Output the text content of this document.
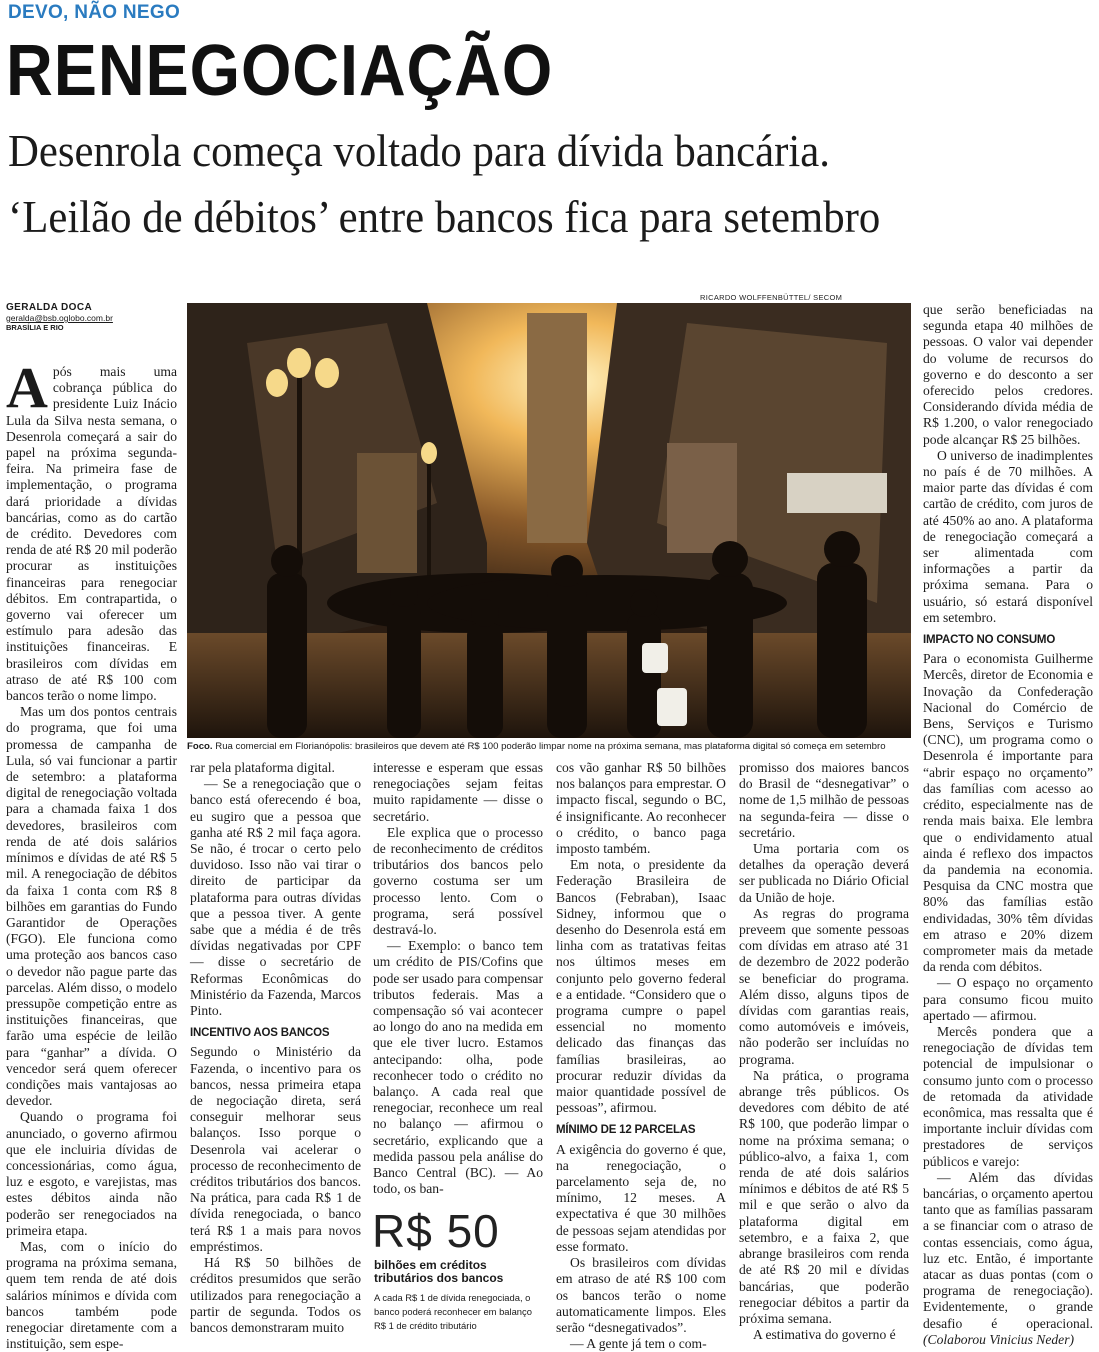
DEVO, NÃO NEGO
RENEGOCIAÇÃO
Desenrola começa voltado para dívida bancária.
‘Leilão de débitos’ entre bancos fica para setembro
GERALDA DOCA
geralda@bsb.oglobo.com.br
BRASÍLIA E RIO

Após mais uma cobrança pública do presidente Luiz Inácio Lula da Silva nesta semana, o Desenrola começará a sair do papel na próxima segunda-feira. Na primeira fase de implementação, o programa dará prioridade a dívidas bancárias, como as do cartão de crédito. Devedores com renda de até R$ 20 mil poderão procurar as instituições financeiras para renegociar débitos. Em contrapartida, o governo vai oferecer um estímulo para adesão das instituições financeiras. E brasileiros com dívidas em atraso de até R$ 100 com bancos terão o nome limpo.

Mas um dos pontos centrais do programa, que foi uma promessa de campanha de Lula, só vai funcionar a partir de setembro: a plataforma digital de renegociação voltada para a chamada faixa 1 dos devedores, brasileiros com renda de até dois salários mínimos e dívidas de até R$ 5 mil. A renegociação de débitos da faixa 1 conta com R$ 8 bilhões em garantias do Fundo Garantidor de Operações (FGO). Ele funciona como uma proteção aos bancos caso o devedor não pague parte das parcelas. Além disso, o modelo pressupõe competição entre as instituições financeiras, que farão uma espécie de leilão para “ganhar” a dívida. O vencedor será quem oferecer condições mais vantajosas ao devedor.

Quando o programa foi anunciado, o governo afirmou que ele incluiria dívidas de concessionárias, como água, luz e esgoto, e varejistas, mas estes débitos ainda não poderão ser renegociados na primeira etapa.

Mas, com o início do programa na próxima semana, quem tem renda de até dois salários mínimos e dívida com bancos também pode renegociar diretamente com a instituição, sem espe-

RICARDO WOLFFENBÜTTEL/ SECOM
Foco. Rua comercial em Florianópolis: brasileiros que devem até R$ 100 poderão limpar nome na próxima semana, mas plataforma digital só começa em setembro

rar pela plataforma digital.

— Se a renegociação que o banco está oferecendo é boa, eu sugiro que a pessoa que ganha até R$ 2 mil faça agora. Se não, é trocar o certo pelo duvidoso. Isso não vai tirar o direito de participar da plataforma para outras dívidas que a pessoa tiver. A gente sabe que a média é de três dívidas negativadas por CPF — disse o secretário de Reformas Econômicas do Ministério da Fazenda, Marcos Pinto.

INCENTIVO AOS BANCOS

Segundo o Ministério da Fazenda, o incentivo para os bancos, nessa primeira etapa de negociação direta, será conseguir melhorar seus balanços. Isso porque o Desenrola vai acelerar o processo de reconhecimento de créditos tributários dos bancos. Na prática, para cada R$ 1 de dívida renegociada, o banco terá R$ 1 a mais para novos empréstimos.

Há R$ 50 bilhões de créditos presumidos que serão utilizados para renegociação a partir de segunda. Todos os bancos demonstraram muito

interesse e esperam que essas renegociações sejam feitas muito rapidamente — disse o secretário.

Ele explica que o processo de reconhecimento de créditos tributários dos bancos pelo governo costuma ser um processo lento. Com o programa, será possível destravá-lo.

— Exemplo: o banco tem um crédito de PIS/Cofins que pode ser usado para compensar tributos federais. Mas a compensação só vai acontecer ao longo do ano na medida em que ele tiver lucro. Estamos antecipando: olha, pode reconhecer todo o crédito no balanço. A cada real que renegociar, reconhece um real no balanço — afirmou o secretário, explicando que a medida passou pela análise do Banco Central (BC). — Ao todo, os ban-

R$ 50
bilhões em créditos tributários dos bancos
A cada R$ 1 de dívida renegociada, o banco poderá reconhecer em balanço R$ 1 de crédito tributário

cos vão ganhar R$ 50 bilhões nos balanços para emprestar. O impacto fiscal, segundo o BC, é insignificante. Ao reconhecer o crédito, o banco paga imposto também.

Em nota, o presidente da Federação Brasileira de Bancos (Febraban), Isaac Sidney, informou que o desenho do Desenrola está em linha com as tratativas feitas nos últimos meses em conjunto pelo governo federal e a entidade. “Considero que o programa cumpre o papel essencial no momento delicado das finanças das famílias brasileiras, ao procurar reduzir dívidas da maior quantidade possível de pessoas”, afirmou.

MÍNIMO DE 12 PARCELAS

A exigência do governo é que, na renegociação, o parcelamento seja de, no mínimo, 12 meses. A expectativa é que 30 milhões de pessoas sejam atendidas por esse formato.

Os brasileiros com dívidas em atraso de até R$ 100 com os bancos terão o nome automaticamente limpos. Eles serão “desnegativados”.

— A gente já tem o com-

promisso dos maiores bancos do Brasil de “desnegativar” o nome de 1,5 milhão de pessoas na segunda-feira — disse o secretário.

Uma portaria com os detalhes da operação deverá ser publicada no Diário Oficial da União de hoje.

As regras do programa preveem que somente pessoas com dívidas em atraso até 31 de dezembro de 2022 poderão se beneficiar do programa. Além disso, alguns tipos de dívidas com garantias reais, como automóveis e imóveis, não poderão ser incluídas no programa.

Na prática, o programa abrange três públicos. Os devedores com débito de até R$ 100, que poderão limpar o nome na próxima semana; o público-alvo, a faixa 1, com renda de até dois salários mínimos e débitos de até R$ 5 mil e que serão o alvo da plataforma digital em setembro, e a faixa 2, que abrange brasileiros com renda de até R$ 20 mil e dívidas bancárias, que poderão renegociar débitos a partir da próxima semana.

A estimativa do governo é

que serão beneficiadas na segunda etapa 40 milhões de pessoas. O valor vai depender do volume de recursos do governo e do desconto a ser oferecido pelos credores. Considerando dívida média de R$ 1.200, o valor renegociado pode alcançar R$ 25 bilhões.

O universo de inadimplentes no país é de 70 milhões. A maior parte das dívidas é com cartão de crédito, com juros de até 450% ao ano. A plataforma de renegociação começará a ser alimentada com informações a partir da próxima semana. Para o usuário, só estará disponível em setembro.

IMPACTO NO CONSUMO

Para o economista Guilherme Mercês, diretor de Economia e Inovação da Confederação Nacional do Comércio de Bens, Serviços e Turismo (CNC), um programa como o Desenrola é importante para “abrir espaço no orçamento” das famílias com acesso ao crédito, especialmente nas de renda mais baixa. Ele lembra que o endividamento atual ainda é reflexo dos impactos da pandemia na economia. Pesquisa da CNC mostra que 80% das famílias estão endividadas, 30% têm dívidas em atraso e 20% dizem comprometer mais da metade da renda com débitos.

— O espaço no orçamento para consumo ficou muito apertado — afirmou.

Mercês pondera que a renegociação de dívidas tem potencial de impulsionar o consumo junto com o processo de retomada da atividade econômica, mas ressalta que é importante incluir dívidas com prestadores de serviços públicos e varejo:

— Além das dívidas bancárias, o orçamento apertou tanto que as famílias passaram a se financiar com o atraso de contas essenciais, como água, luz etc. Então, é importante atacar as duas pontas (com o programa de renegociação). Evidentemente, o grande desafio é operacional. (Colaborou Vinicius Neder)
